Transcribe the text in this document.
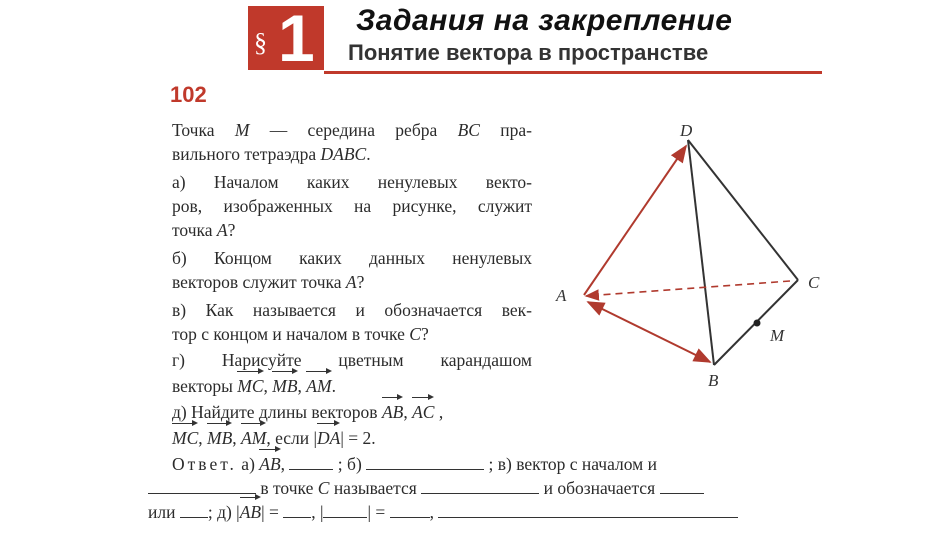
§ 1 Задания на закрепление
Понятие вектора в пространстве
102
Точка M — середина ребра BC пра-
вильного тетраэдра DABC.
а) Началом каких ненулевых векто-
ров, изображенных на рисунке, служит
точка A?
б) Концом каких данных ненулевых
векторов служит точка A?
в) Как называется и обозначается век-
тор с концом и началом в точке C?
г) Нарисуйте цветным карандашом
векторы MC, MB, AM.
д) Найдите длины векторов AB, AC ,
MC, MB, AM, если |DA| = 2.
Ответ. а) AB,	; б)	; в) вектор с началом и
в точке C называется	и обозначается
или ; д) |AB| = , |	| =	,
D
A
C
B
M
